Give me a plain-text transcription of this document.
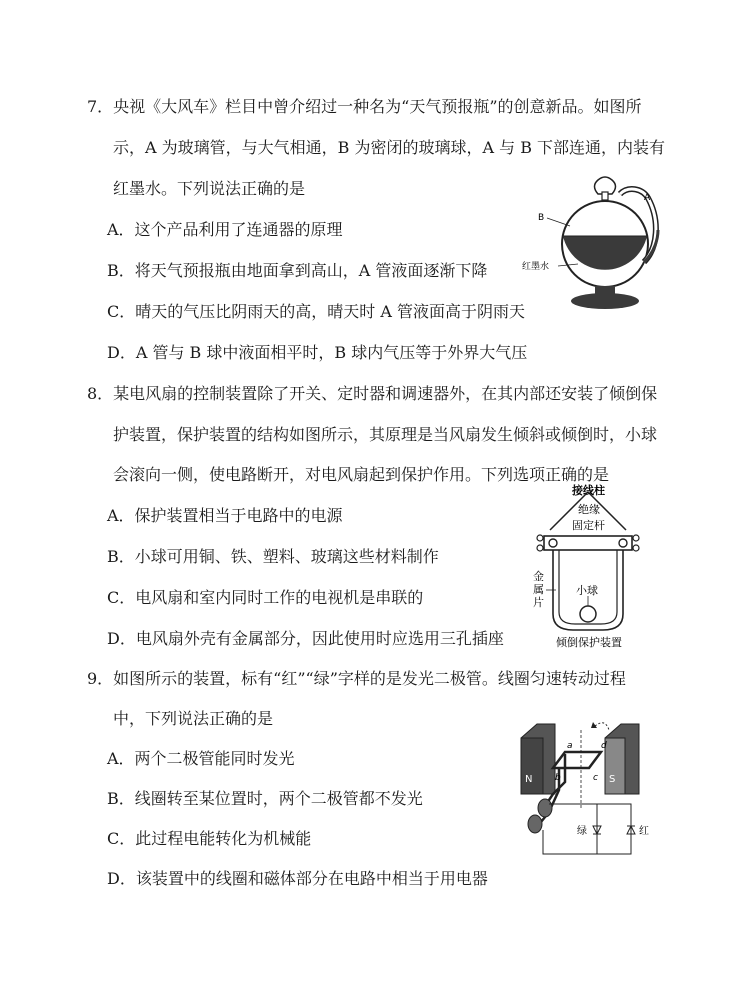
7．央视《大风车》栏目中曾介绍过一种名为“天气预报瓶”的创意新品。如图所
示，A 为玻璃管，与大气相通，B 为密闭的玻璃球，A 与 B 下部连通，内装有
红墨水。下列说法正确的是
A．这个产品利用了连通器的原理
B．将天气预报瓶由地面拿到高山，A 管液面逐渐下降
C．晴天的气压比阴雨天的高，晴天时 A 管液面高于阴雨天
D．A 管与 B 球中液面相平时，B 球内气压等于外界大气压
A
B
红墨水
8．某电风扇的控制装置除了开关、定时器和调速器外，在其内部还安装了倾倒保
护装置，保护装置的结构如图所示，其原理是当风扇发生倾斜或倾倒时，小球
会滚向一侧，使电路断开，对电风扇起到保护作用。下列选项正确的是
A．保护装置相当于电路中的电源
B．小球可用铜、铁、塑料、玻璃这些材料制作
C．电风扇和室内同时工作的电视机是串联的
D．电风扇外壳有金属部分，因此使用时应选用三孔插座
接线柱
绝缘
固定杆
金
属
片
小球
倾倒保护装置
9．如图所示的装置，标有“红”“绿”字样的是发光二极管。线圈匀速转动过程
中，下列说法正确的是
A．两个二极管能同时发光
B．线圈转至某位置时，两个二极管都不发光
C．此过程电能转化为机械能
D．该装置中的线圈和磁体部分在电路中相当于用电器
N	S
a
b	c
d
绿	红
